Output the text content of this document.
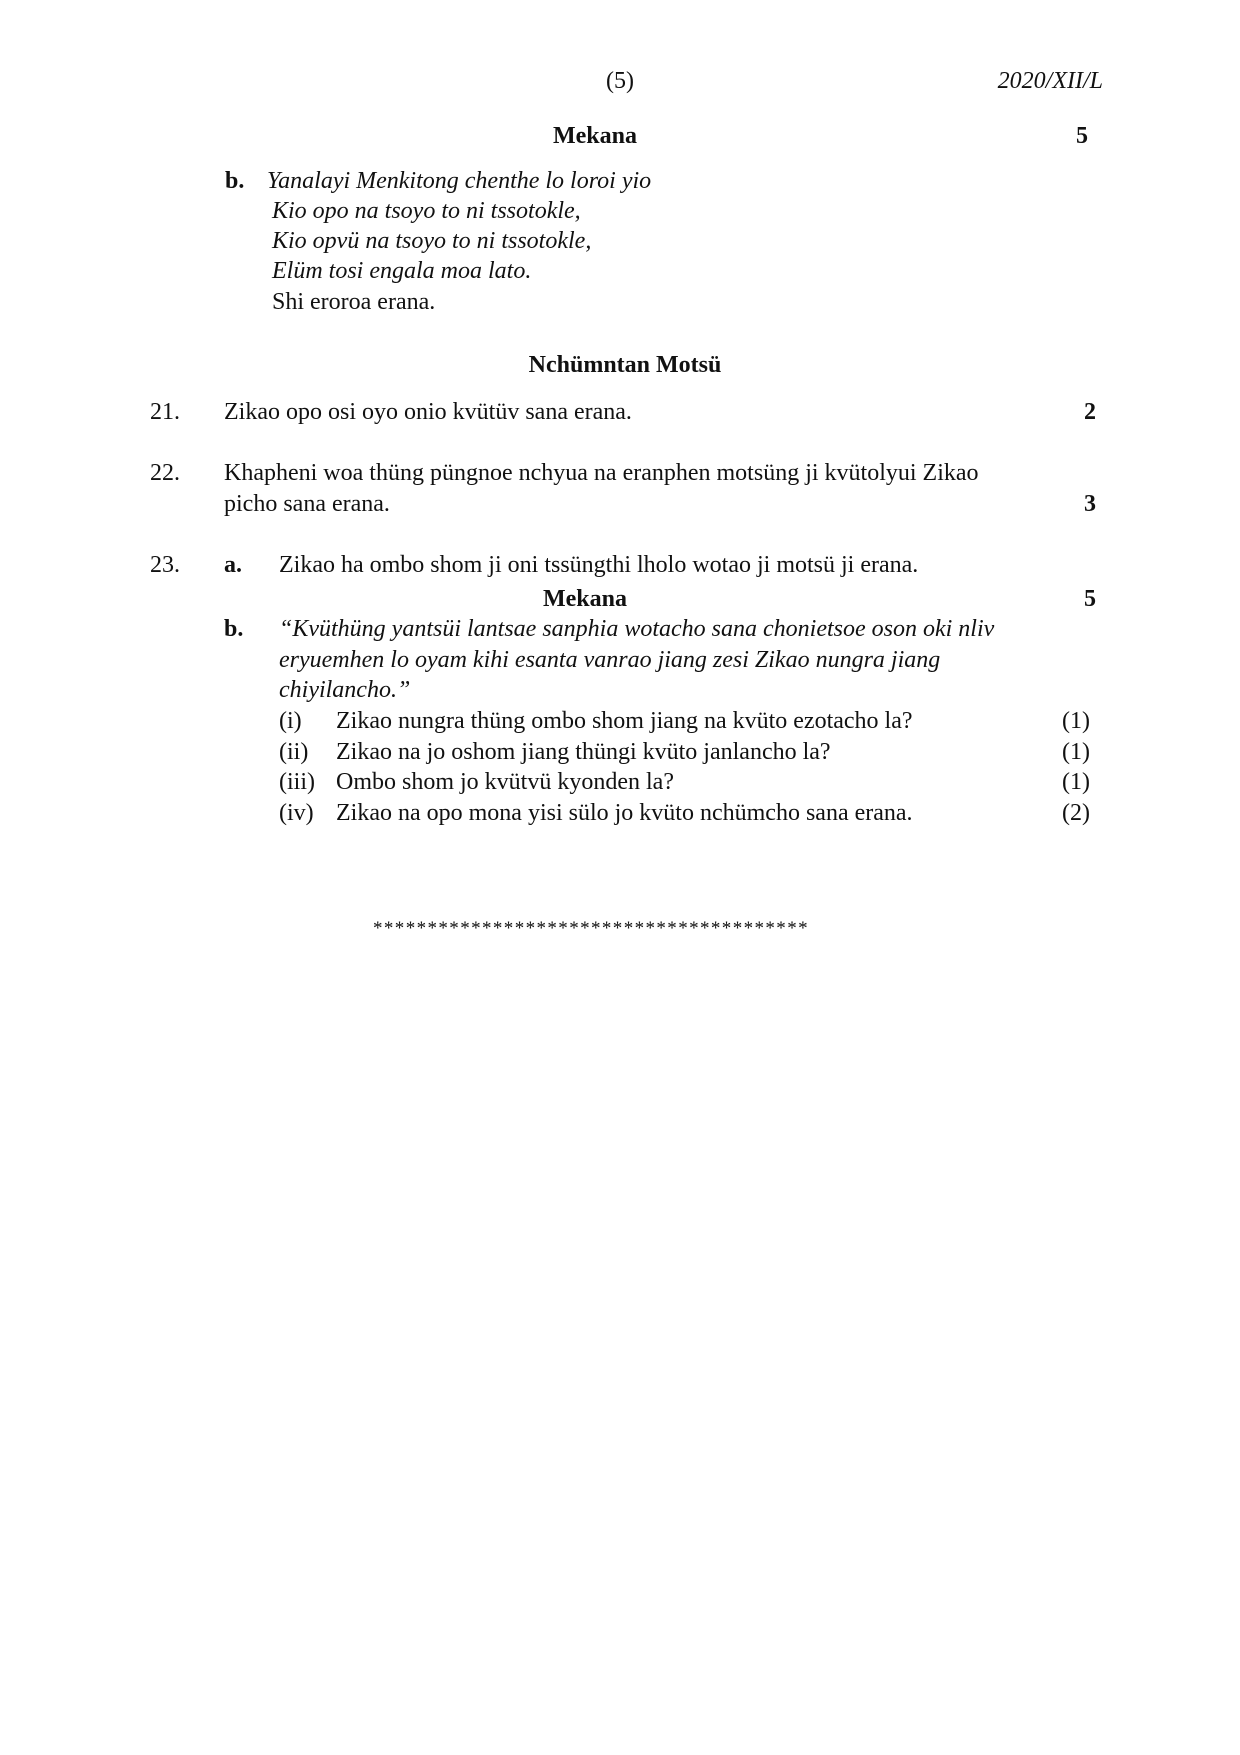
(5)	2020/XII/L
Mekana	5
b. Yanalayi Menkitong chenthe lo loroi yio
Kio opo na tsoyo to ni tssotokle,
Kio opvü na tsoyo to ni tssotokle,
Elüm tosi engala moa lato.
Shi eroroa erana.
Nchümntan Motsü
21. Zikao opo osi oyo onio kvütüv sana erana.	2
22. Khapheni woa thüng püngnoe nchyua na eranphen motsüng ji kvütolyui Zikao
picho sana erana.	3
23. a. Zikao ha ombo shom ji oni tssüngthi lholo wotao ji motsü ji erana.
Mekana	5
b. “Kvüthüng yantsüi lantsae sanphia wotacho sana chonietsoe oson oki nliv
eryuemhen lo oyam kihi esanta vanrao jiang zesi Zikao nungra jiang
chiyilancho.”
(i) Zikao nungra thüng ombo shom jiang na kvüto ezotacho la?	(1)
(ii) Zikao na jo oshom jiang thüngi kvüto janlancho la?	(1)
(iii) Ombo shom jo kvütvü kyonden la?	(1)
(iv) Zikao na opo mona yisi sülo jo kvüto nchümcho sana erana.	(2)
****************************************
